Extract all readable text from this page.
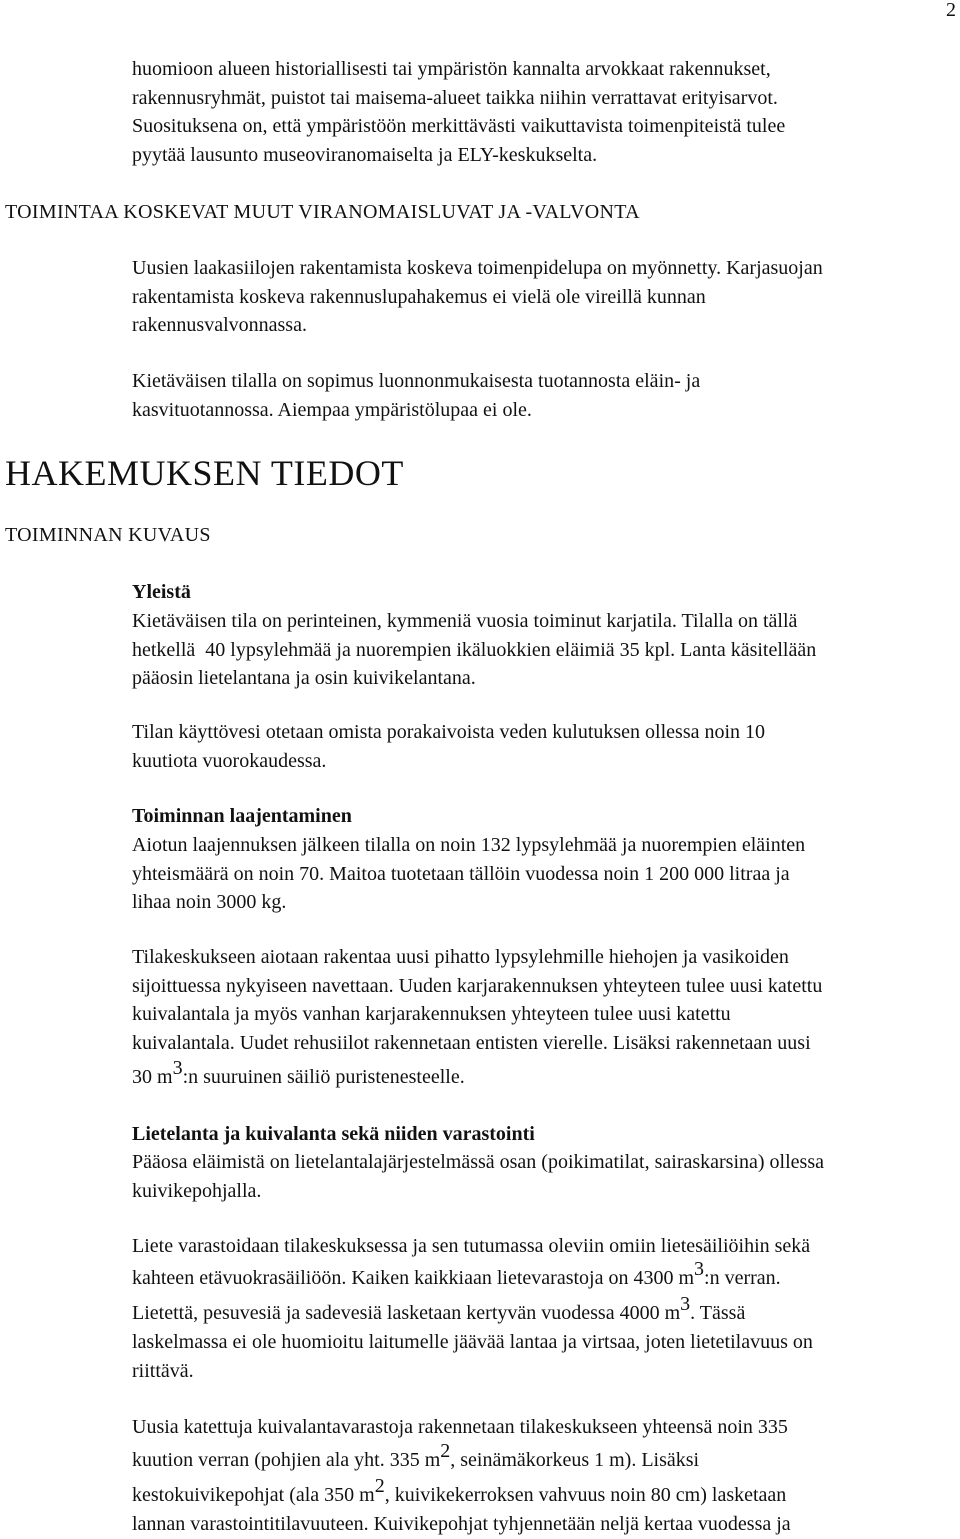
2
huomioon alueen historiallisesti tai ympäristön kannalta arvokkaat rakennukset,
rakennusryhmät, puistot tai maisema-alueet taikka niihin verrattavat erityisarvot.
Suosituksena on, että ympäristöön merkittävästi vaikuttavista toimenpiteistä tulee
pyytää lausunto museoviranomaiselta ja ELY-keskukselta.
TOIMINTAA KOSKEVAT MUUT VIRANOMAISLUVAT JA -VALVONTA
Uusien laakasiilojen rakentamista koskeva toimenpidelupa on myönnetty. Karjasuojan
rakentamista koskeva rakennuslupahakemus ei vielä ole vireillä kunnan
rakennusvalvonnassa.
Kietäväisen tilalla on sopimus luonnonmukaisesta tuotannosta eläin- ja
kasvituotannossa. Aiempaa ympäristölupaa ei ole.
HAKEMUKSEN TIEDOT
TOIMINNAN KUVAUS
Yleistä
Kietäväisen tila on perinteinen, kymmeniä vuosia toiminut karjatila. Tilalla on tällä
hetkellä  40 lypsylehmää ja nuorempien ikäluokkien eläimiä 35 kpl. Lanta käsitellään
pääosin lietelantana ja osin kuivikelantana.
Tilan käyttövesi otetaan omista porakaivoista veden kulutuksen ollessa noin 10
kuutiota vuorokaudessa.
Toiminnan laajentaminen
Aiotun laajennuksen jälkeen tilalla on noin 132 lypsylehmää ja nuorempien eläinten
yhteismäärä on noin 70. Maitoa tuotetaan tällöin vuodessa noin 1 200 000 litraa ja
lihaa noin 3000 kg.
Tilakeskukseen aiotaan rakentaa uusi pihatto lypsylehmille hiehojen ja vasikoiden
sijoittuessa nykyiseen navettaan. Uuden karjarakennuksen yhteyteen tulee uusi katettu
kuivalantala ja myös vanhan karjarakennuksen yhteyteen tulee uusi katettu
kuivalantala. Uudet rehusiilot rakennetaan entisten vierelle. Lisäksi rakennetaan uusi
30 m3:n suuruinen säiliö puristenesteelle.
Lietelanta ja kuivalanta sekä niiden varastointi
Pääosa eläimistä on lietelantalajärjestelmässä osan (poikimatilat, sairaskarsina) ollessa
kuivikepohjalla.
Liete varastoidaan tilakeskuksessa ja sen tutumassa oleviin omiin lietesäiliöihin sekä
kahteen etävuokrasäiliöön. Kaiken kaikkiaan lietevarastoja on 4300 m3:n verran.
Lietettä, pesuvesiä ja sadevesiä lasketaan kertyvän vuodessa 4000 m3. Tässä
laskelmassa ei ole huomioitu laitumelle jäävää lantaa ja virtsaa, joten lietetilavuus on
riittävä.
Uusia katettuja kuivalantavarastoja rakennetaan tilakeskukseen yhteensä noin 335
kuution verran (pohjien ala yht. 335 m2, seinämäkorkeus 1 m). Lisäksi
kestokuivikepohjat (ala 350 m2, kuivikekerroksen vahvuus noin 80 cm) lasketaan
lannan varastointitilavuuteen. Kuivikepohjat tyhjennetään neljä kertaa vuodessa ja
